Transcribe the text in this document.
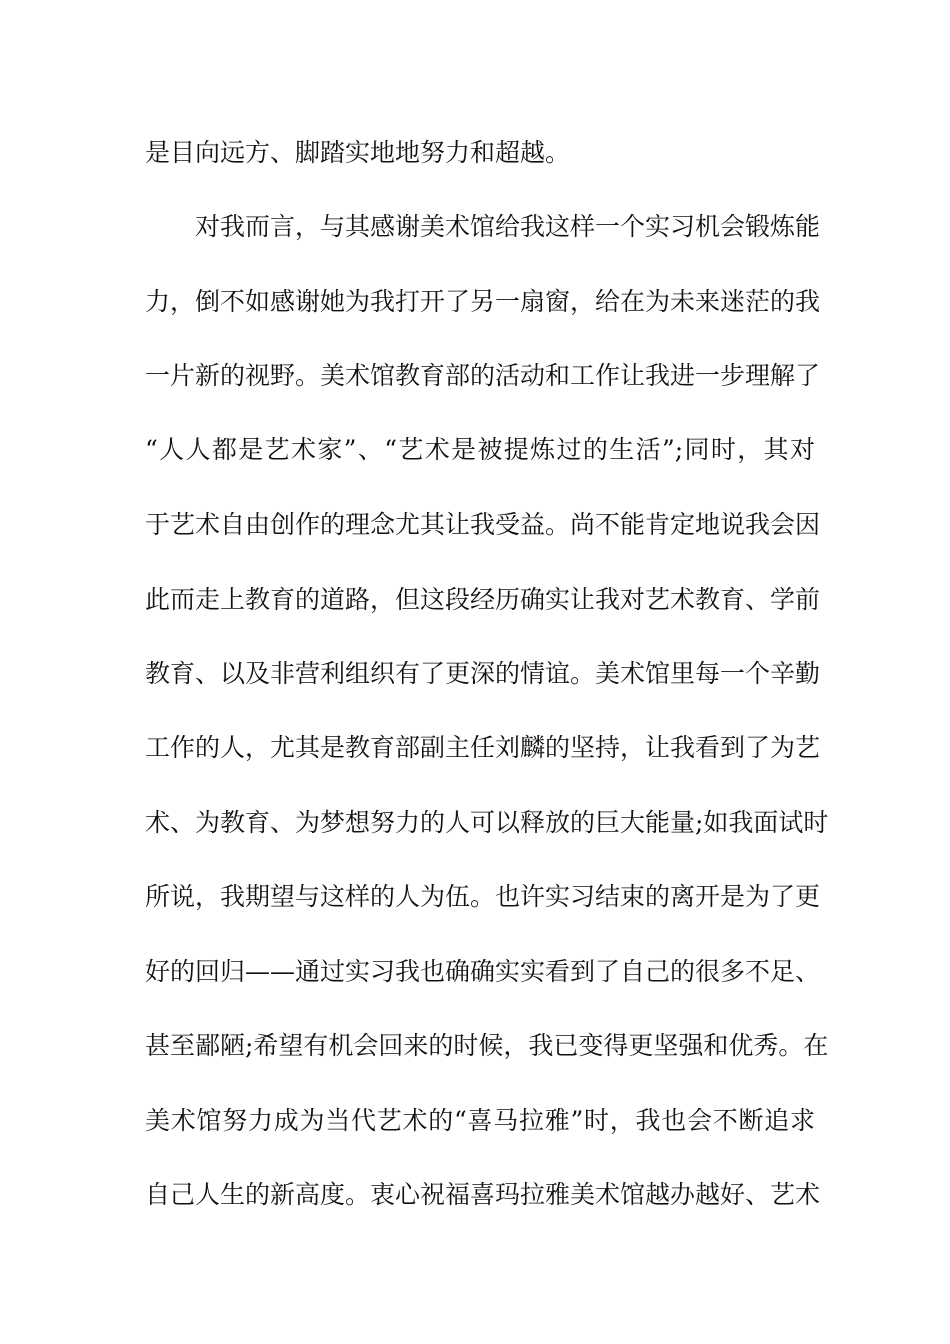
是目向远方、脚踏实地地努力和超越。
对我而言，与其感谢美术馆给我这样一个实习机会锻炼能
力，倒不如感谢她为我打开了另一扇窗，给在为未来迷茫的我
一片新的视野。美术馆教育部的活动和工作让我进一步理解了
“人人都是艺术家”、“艺术是被提炼过的生活”;同时，其对
于艺术自由创作的理念尤其让我受益。尚不能肯定地说我会因
此而走上教育的道路，但这段经历确实让我对艺术教育、学前
教育、以及非营利组织有了更深的情谊。美术馆里每一个辛勤
工作的人，尤其是教育部副主任刘麟的坚持，让我看到了为艺
术、为教育、为梦想努力的人可以释放的巨大能量;如我面试时
所说，我期望与这样的人为伍。也许实习结束的离开是为了更
好的回归——通过实习我也确确实实看到了自己的很多不足、
甚至鄙陋;希望有机会回来的时候，我已变得更坚强和优秀。在
美术馆努力成为当代艺术的“喜马拉雅”时，我也会不断追求
自己人生的新高度。衷心祝福喜玛拉雅美术馆越办越好、艺术
